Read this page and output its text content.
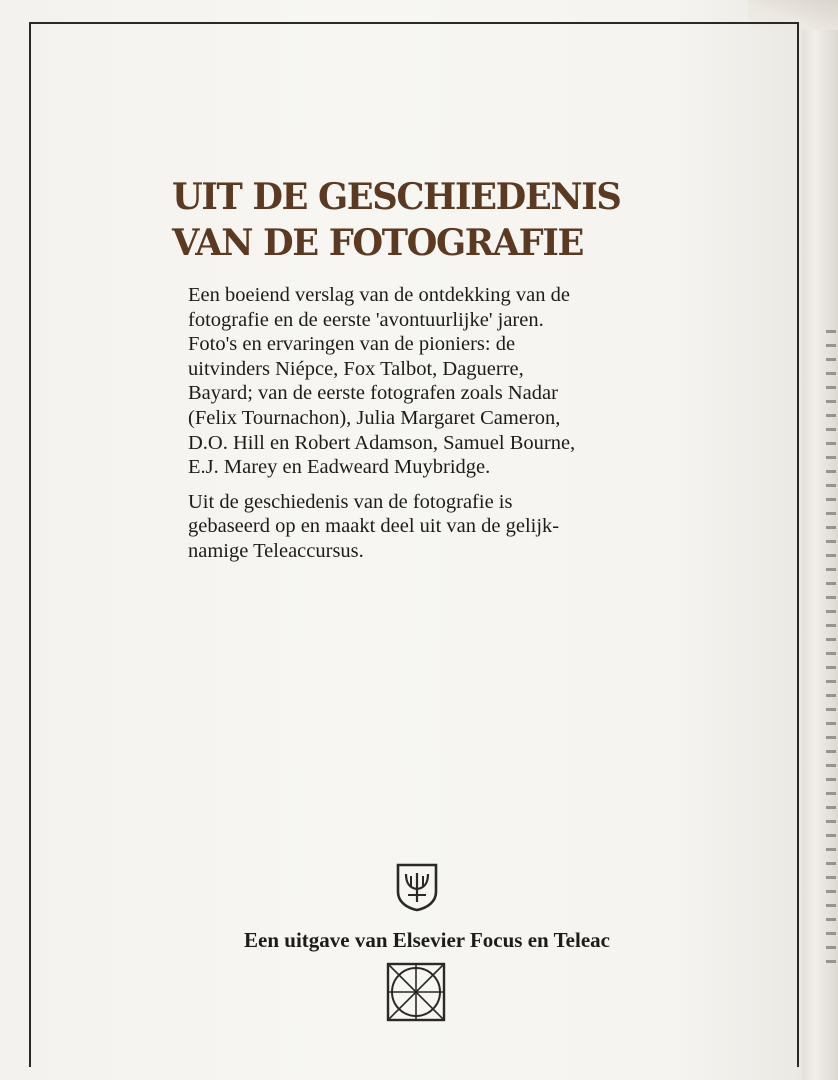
UIT DE GESCHIEDENIS
VAN DE FOTOGRAFIE
Een boeiend verslag van de ontdekking van de
fotografie en de eerste 'avontuurlijke' jaren.
Foto's en ervaringen van de pioniers: de
uitvinders Niépce, Fox Talbot, Daguerre,
Bayard; van de eerste fotografen zoals Nadar
(Felix Tournachon), Julia Margaret Cameron,
D.O. Hill en Robert Adamson, Samuel Bourne,
E.J. Marey en Eadweard Muybridge.
Uit de geschiedenis van de fotografie is
gebaseerd op en maakt deel uit van de gelijk-
namige Teleaccursus.
Een uitgave van Elsevier Focus en Teleac
